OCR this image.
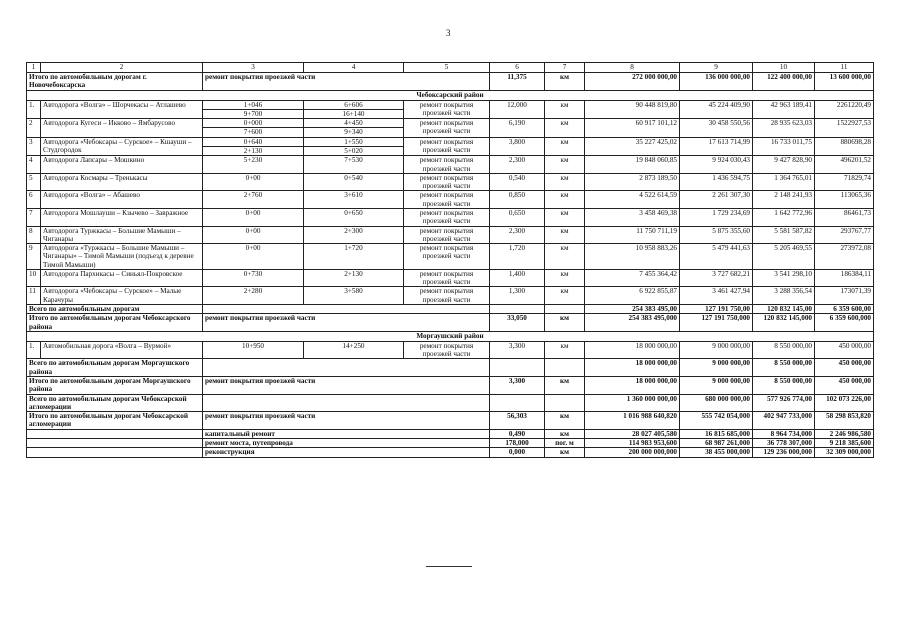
3
1	2	3	4	5	6	7	8	9	10	11
Итого по автомобильным дорогам г. Новочебоксарска		ремонт покрытия проезжей части			11,375	км	272 000 000,00	136 000 000,00	122 400 000,00	13 600 000,00
Чебоксарский район										
1.	Автодорога «Волга» – Шорчекасы – Атлашево	1+046	6+606	ремонт покрытия проезжей части	12,000	км	90 448 819,80	45 224 409,90	42 963 189,41	2261220,49
		9+700	16+140							
2	Автодорога Кугеси – Икково – Ямбарусово	0+000	4+450	ремонт покрытия проезжей части	6,190	км	60 917 101,12	30 458 550,56	28 935 623,03	1522927,53
		7+600	9+340							
3	Автодорога «Чебоксары – Сурское» – Кшауши – Студгородок	0+640	1+550	ремонт покрытия проезжей части	3,800	км	35 227 425,02	17 613 714,99	16 733 011,75	880698,28
		2+130	5+020							
4	Автодорога Лапсары – Мошкино	5+230	7+530	ремонт покрытия проезжей части	2,300	км	19 848 060,85	9 924 030,43	9 427 828,90	496201,52
5	Автодорога Космары – Тренькасы	0+00	0+540	ремонт покрытия проезжей части	0,540	км	2 873 189,50	1 436 594,75	1 364 765,01	71829,74
6	Автодорога «Волга» – Абашево	2+760	3+610	ремонт покрытия проезжей части	0,850	км	4 522 614,59	2 261 307,30	2 148 241,93	113065,36
7	Автодорога Мошлауши – Кзычево – Завражное	0+00	0+650	ремонт покрытия проезжей части	0,650	км	3 458 469,38	1 729 234,69	1 642 772,96	86461,73
8	Автодорога Туржкасы – Большие Мамыши – Чиганары	0+00	2+300	ремонт покрытия проезжей части	2,300	км	11 750 711,19	5 875 355,60	5 581 587,82	293767,77
9	Автодорога «Туржкасы – Большие Мамыши – Чиганары» – Тимой Мамыши (подъезд к деревне Тимой Мамыши)	0+00	1+720	ремонт покрытия проезжей части	1,720	км	10 958 883,26	5 479 441,63	5 205 469,55	273972,08
10	Автодорога Пархикасы – Синьял-Покровское	0+730	2+130	ремонт покрытия проезжей части	1,400	км	7 455 364,42	3 727 682,21	3 541 298,10	186384,11
11	Автодорога «Чебоксары – Сурское» – Малые Карачуры	2+280	3+580	ремонт покрытия проезжей части	1,300	км	6 922 855,87	3 461 427,94	3 288 356,54	173071,39
Всего по автомобильным дорогам							254 383 495,00	127 191 750,00	120 832 145,00	6 359 600,00
Итого по автомобильным дорогам Чебоксарского района		ремонт покрытия проезжей части			33,050	км	254 383 495,000	127 191 750,000	120 832 145,000	6 359 600,000
Моргаушский район										
1.	Автомобильная дорога «Волга – Вурмой»	10+950	14+250	ремонт покрытия проезжей части	3,300	км	18 000 000,00	9 000 000,00	8 550 000,00	450 000,00
Всего по автомобильным дорогам Моргаушского района							18 000 000,00	9 000 000,00	8 550 000,00	450 000,00
Итого по автомобильным дорогам Моргаушского района		ремонт покрытия проезжей части			3,300	км	18 000 000,00	9 000 000,00	8 550 000,00	450 000,00
Всего по автомобильным дорогам Чебоксарской агломерации							1 360 000 000,00	680 000 000,00	577 926 774,00	102 073 226,00
Итого по автомобильным дорогам Чебоксарской агломерации		ремонт покрытия проезжей части			56,303	км	1 016 988 640,820	555 742 054,000	402 947 733,000	58 298 853,820
		капитальный ремонт			0,490	км	28 027 405,580	16 815 685,000	8 964 734,000	2 246 986,580
		ремонт моста, путепровода			178,000	пог. м	114 983 953,600	68 987 261,000	36 778 307,000	9 218 385,600
		реконструкция			0,000	км	200 000 000,000	38 455 000,000	129 236 000,000	32 309 000,000
